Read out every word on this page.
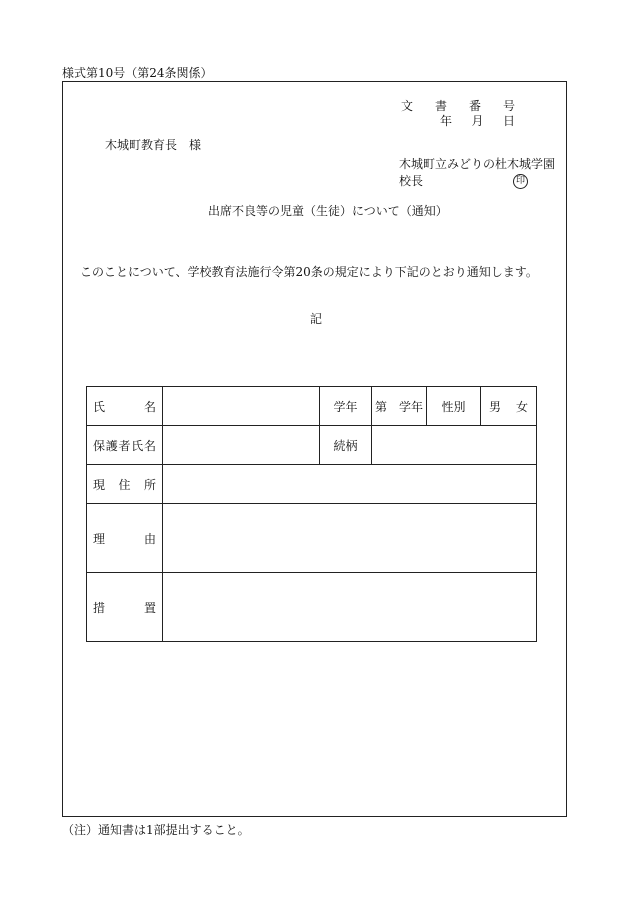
様式第10号（第24条関係）
文 書 番 号
年 月 日
木城町教育長　様
木城町立みどりの杜木城学園
校長	印
出席不良等の児童（生徒）について（通知）
このことについて、学校教育法施行令第20条の規定により下記のとおり通知します。
記
氏 名		学年	第 学年	性別	男 女

保 護 者 氏 名		続柄			

現 住 所					

理 由					

措 置					

（注）通知書は1部提出すること。
